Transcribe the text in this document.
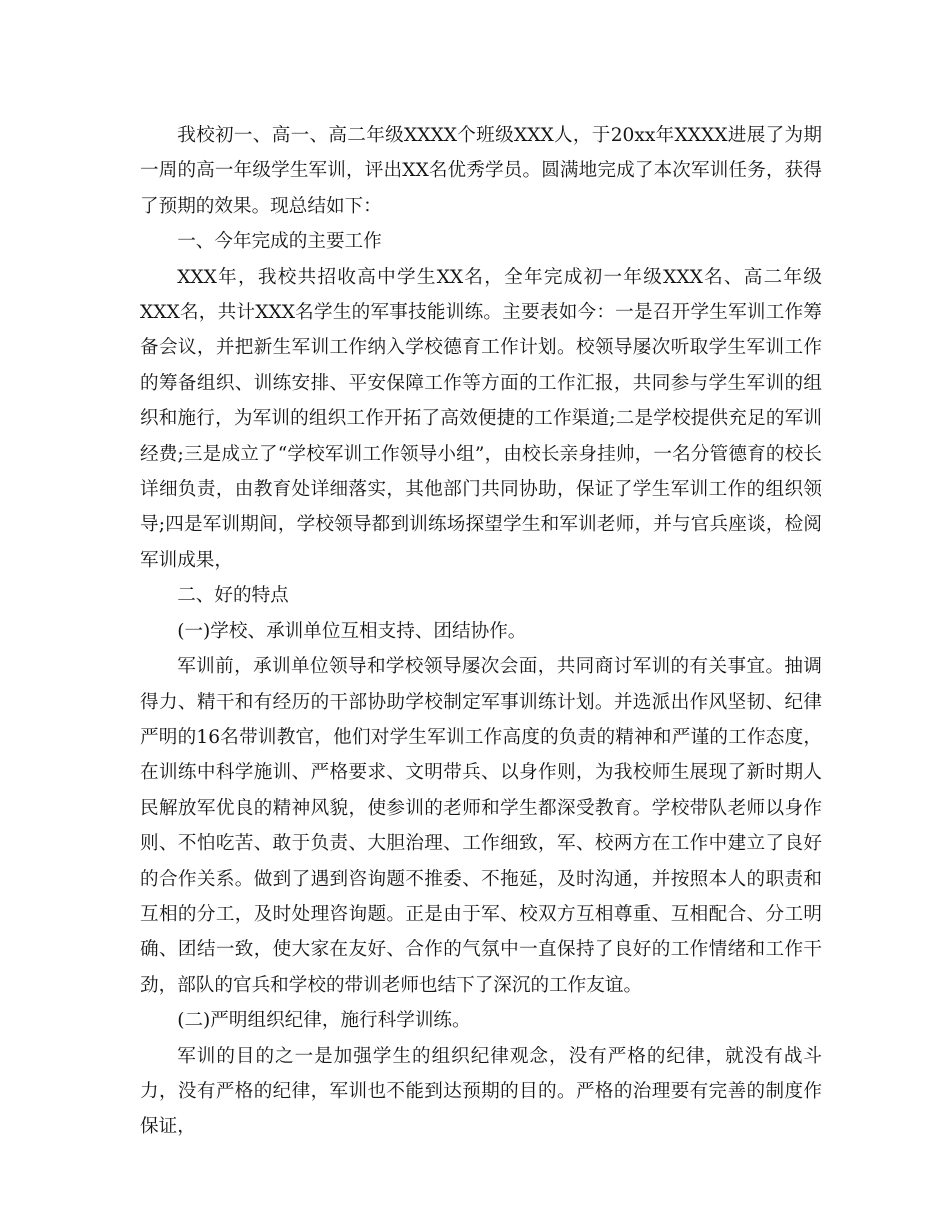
我校初一、高一、高二年级XXXX个班级XXX人，于20xx年XXXX进展了为期一周的高一年级学生军训，评出XX名优秀学员。圆满地完成了本次军训任务，获得了预期的效果。现总结如下：

一、今年完成的主要工作

XXX年，我校共招收高中学生XX名，全年完成初一年级XXX名、高二年级XXX名，共计XXX名学生的军事技能训练。主要表如今：一是召开学生军训工作筹备会议，并把新生军训工作纳入学校德育工作计划。校领导屡次听取学生军训工作的筹备组织、训练安排、平安保障工作等方面的工作汇报，共同参与学生军训的组织和施行，为军训的组织工作开拓了高效便捷的工作渠道;二是学校提供充足的军训经费;三是成立了“学校军训工作领导小组”，由校长亲身挂帅，一名分管德育的校长详细负责，由教育处详细落实，其他部门共同协助，保证了学生军训工作的组织领导;四是军训期间，学校领导都到训练场探望学生和军训老师，并与官兵座谈，检阅军训成果，

二、好的特点

(一)学校、承训单位互相支持、团结协作。

军训前，承训单位领导和学校领导屡次会面，共同商讨军训的有关事宜。抽调得力、精干和有经历的干部协助学校制定军事训练计划。并选派出作风坚韧、纪律严明的16名带训教官，他们对学生军训工作高度的负责的精神和严谨的工作态度，在训练中科学施训、严格要求、文明带兵、以身作则，为我校师生展现了新时期人民解放军优良的精神风貌，使参训的老师和学生都深受教育。学校带队老师以身作则、不怕吃苦、敢于负责、大胆治理、工作细致，军、校两方在工作中建立了良好的合作关系。做到了遇到咨询题不推委、不拖延，及时沟通，并按照本人的职责和互相的分工，及时处理咨询题。正是由于军、校双方互相尊重、互相配合、分工明确、团结一致，使大家在友好、合作的气氛中一直保持了良好的工作情绪和工作干劲，部队的官兵和学校的带训老师也结下了深沉的工作友谊。

(二)严明组织纪律，施行科学训练。

军训的目的之一是加强学生的组织纪律观念，没有严格的纪律，就没有战斗力，没有严格的纪律，军训也不能到达预期的目的。严格的治理要有完善的制度作保证，
